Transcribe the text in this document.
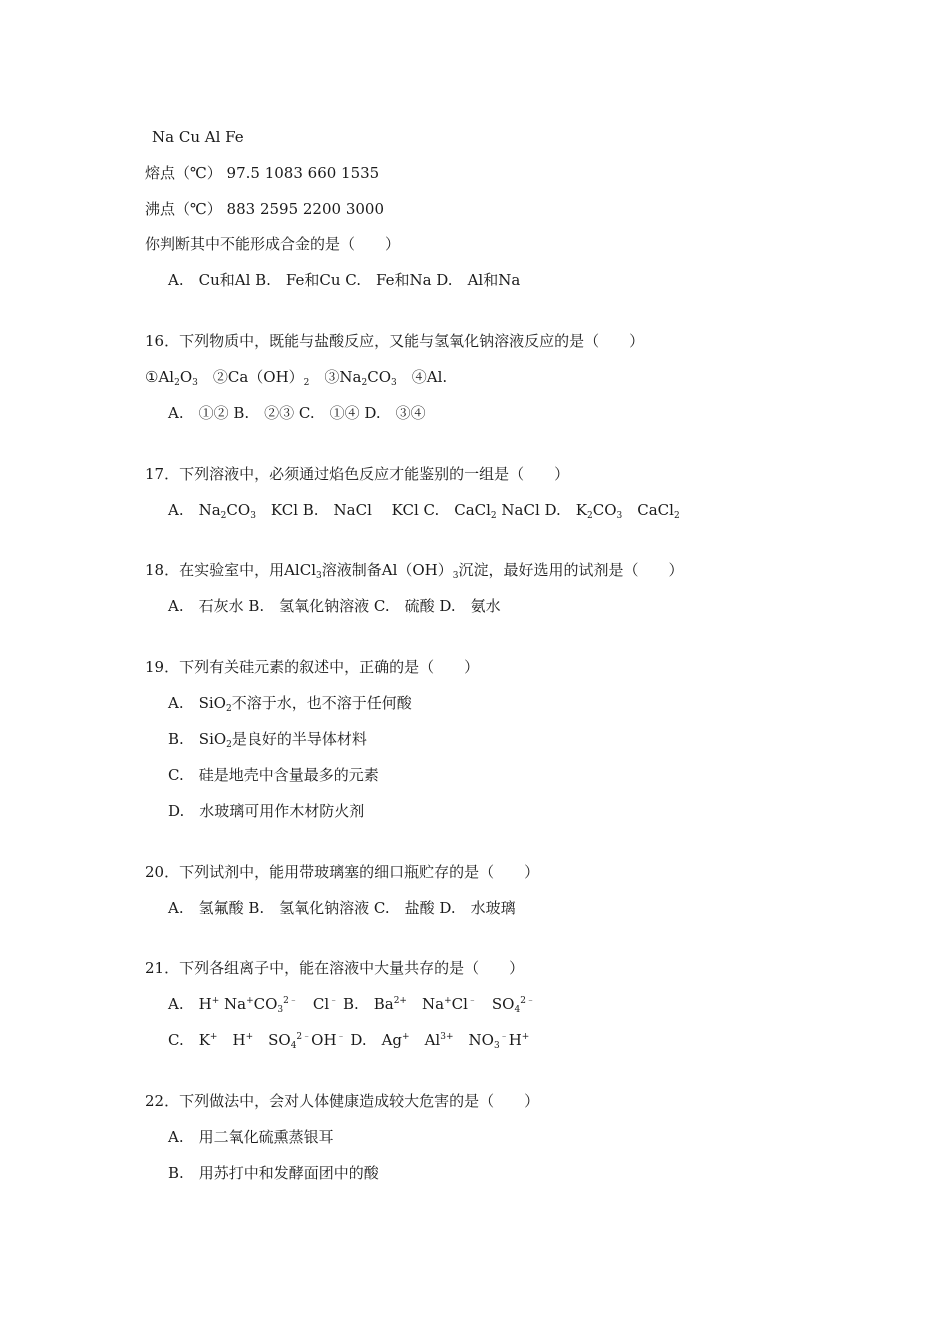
Na Cu Al Fe
熔点（℃） 97.5 1083 660 1535
沸点（℃） 883 2595 2200 3000
你判断其中不能形成合金的是（　　）
A.　Cu和Al B.　Fe和Cu C.　Fe和Na D.　Al和Na
16．下列物质中，既能与盐酸反应，又能与氢氧化钠溶液反应的是（　　）
$①Al_2O_3$　$②Ca(OH)_2$　$③Na_2CO_3$　④Al.
A.　①② B.　②③ C.　①④ D.　③④
17．下列溶液中，必须通过焰色反应才能鉴别的一组是（　　）
A.　$Na_2CO_3$　KCl B.　NaCl　 KCl C.　CaCl$_2$ NaCl D.　$K_2CO_3$　CaCl$_2$
18．在实验室中，用AlCl$_3$溶液制备$Al(OH)_3$沉淀，最好选用的试剂是（　　）
A.　石灰水 B.　氢氧化钠溶液 C.　硫酸 D.　氨水
19．下列有关硅元素的叙述中，正确的是（　　）
A.　SiO$_2$不溶于水，也不溶于任何酸
B.　SiO$_2$是良好的半导体材料
C.　硅是地壳中含量最多的元素
D.　水玻璃可用作木材防火剂
20．下列试剂中，能用带玻璃塞的细口瓶贮存的是（　　）
A.　氢氟酸 B.　氢氧化钠溶液 C.　盐酸 D.　水玻璃
21．下列各组离子中，能在溶液中大量共存的是（　　）
A.　H+ $Na^+CO_3^{2﹣}$　Cl﹣ B.　$Ba^{2+}$　Na+Cl﹣　$SO_4^{2﹣}$
C.　K+　H+　$SO_4^{2﹣}OH^﹣$ D.　Ag+　$Al^{3+}$　$NO_3^﹣H^+$
22．下列做法中，会对人体健康造成较大危害的是（　　）
A.　用二氧化硫熏蒸银耳
B.　用苏打中和发酵面团中的酸
